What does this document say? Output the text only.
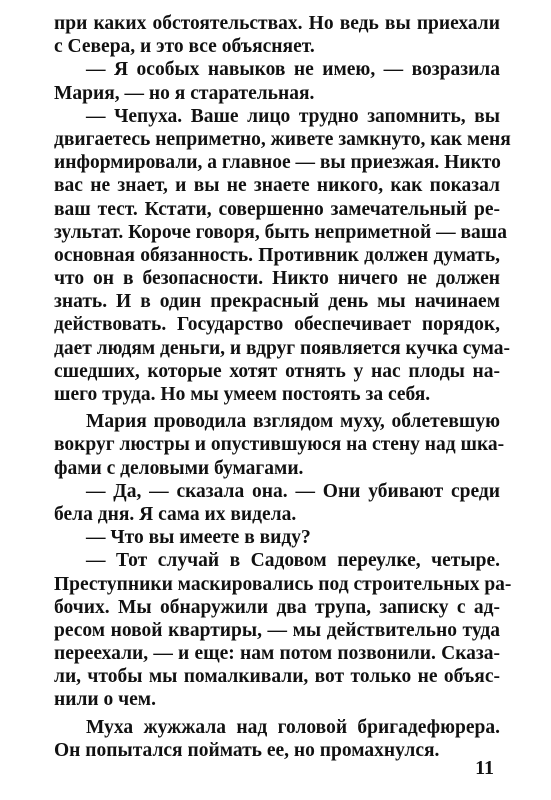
при каких обстоятельствах. Но ведь вы приехали
с Севера, и это все объясняет.
— Я особых навыков не имею, — возразила
Мария, — но я старательная.
— Чепуха. Ваше лицо трудно запомнить, вы
двигаетесь неприметно, живете замкнуто, как меня
информировали, а главное — вы приезжая. Никто
вас не знает, и вы не знаете никого, как показал
ваш тест. Кстати, совершенно замечательный ре-
зультат. Короче говоря, быть неприметной — ваша
основная обязанность. Противник должен думать,
что он в безопасности. Никто ничего не должен
знать. И в один прекрасный день мы начинаем
действовать. Государство обеспечивает порядок,
дает людям деньги, и вдруг появляется кучка сума-
сшедших, которые хотят отнять у нас плоды на-
шего труда. Но мы умеем постоять за себя.
Мария проводила взглядом муху, облетевшую
вокруг люстры и опустившуюся на стену над шка-
фами с деловыми бумагами.
— Да, — сказала она. — Они убивают среди
бела дня. Я сама их видела.
— Что вы имеете в виду?
— Тот случай в Садовом переулке, четыре.
Преступники маскировались под строительных ра-
бочих. Мы обнаружили два трупа, записку с ад-
ресом новой квартиры, — мы действительно туда
переехали, — и еще: нам потом позвонили. Сказа-
ли, чтобы мы помалкивали, вот только не объяс-
нили о чем.
Муха жужжала над головой бригадефюрера.
Он попытался поймать ее, но промахнулся.
11
